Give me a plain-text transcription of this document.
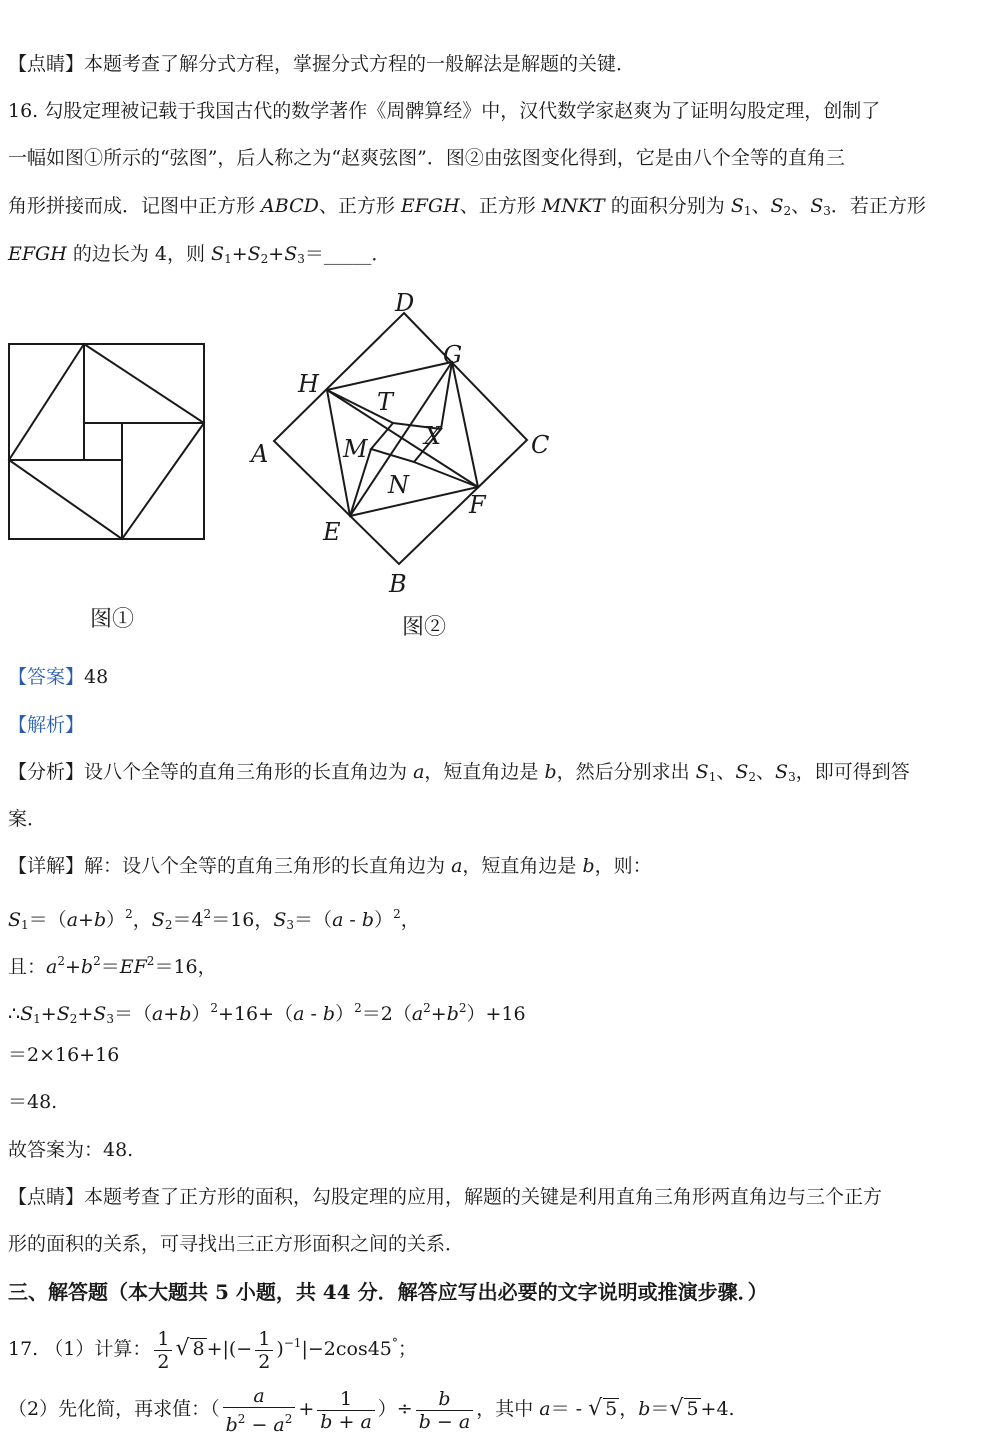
【点睛】本题考查了解分式方程，掌握分式方程的一般解法是解题的关键．
16. 勾股定理被记载于我国古代的数学著作《周髀算经》中，汉代数学家赵爽为了证明勾股定理，创制了
一幅如图①所示的“弦图”，后人称之为“赵爽弦图”．图②由弦图变化得到，它是由八个全等的直角三
角形拼接而成．记图中正方形 ABCD、正方形 EFGH、正方形 MNKT 的面积分别为 $S_1$、$S_2$、$S_3$．若正方形
EFGH 的边长为 4，则 $S_1+S_2+S_3=\_\_\_\_\_$．
图①
D
G
H
T
X
A	C
M
N
F
E
B
图②
【答案】48
【解析】
【分析】设八个全等的直角三角形的长直角边为 a，短直角边是 b，然后分别求出 $S_1$、$S_2$、$S_3$，即可得到答
案．
【详解】解：设八个全等的直角三角形的长直角边为 a，短直角边是 b，则：
$S_1=(a+b)^2$，$S_2=4^2=16$，$S_3=(a - b)^2$，
且：$a^2+b^2=EF^2=16$，
$\therefore S_1+S_2+S_3=(a+b)^2+16+(a - b)^2=2(a^2+b^2)+16$
＝2×16+16
＝48.
故答案为：48.
【点睛】本题考查了正方形的面积，勾股定理的应用，解题的关键是利用直角三角形两直角边与三个正方
形的面积的关系，可寻找出三正方形面积之间的关系．
三、解答题（本大题共 5 小题，共 44 分．解答应写出必要的文字说明或推演步骤．）
17. （1）计算： $\frac{1}{2}$ √ 8 +|(− $\frac{1}{2} )^{-1}|-2\cos 45^\circ$；
（2）先化简，再求值：（ $\frac{a}{b^2 - a^2} + \frac{1}{b + a}$ ）÷ $\frac{b}{b - a}$ ，其中 a＝ - √ 5 ，b＝√ 5 +4.
